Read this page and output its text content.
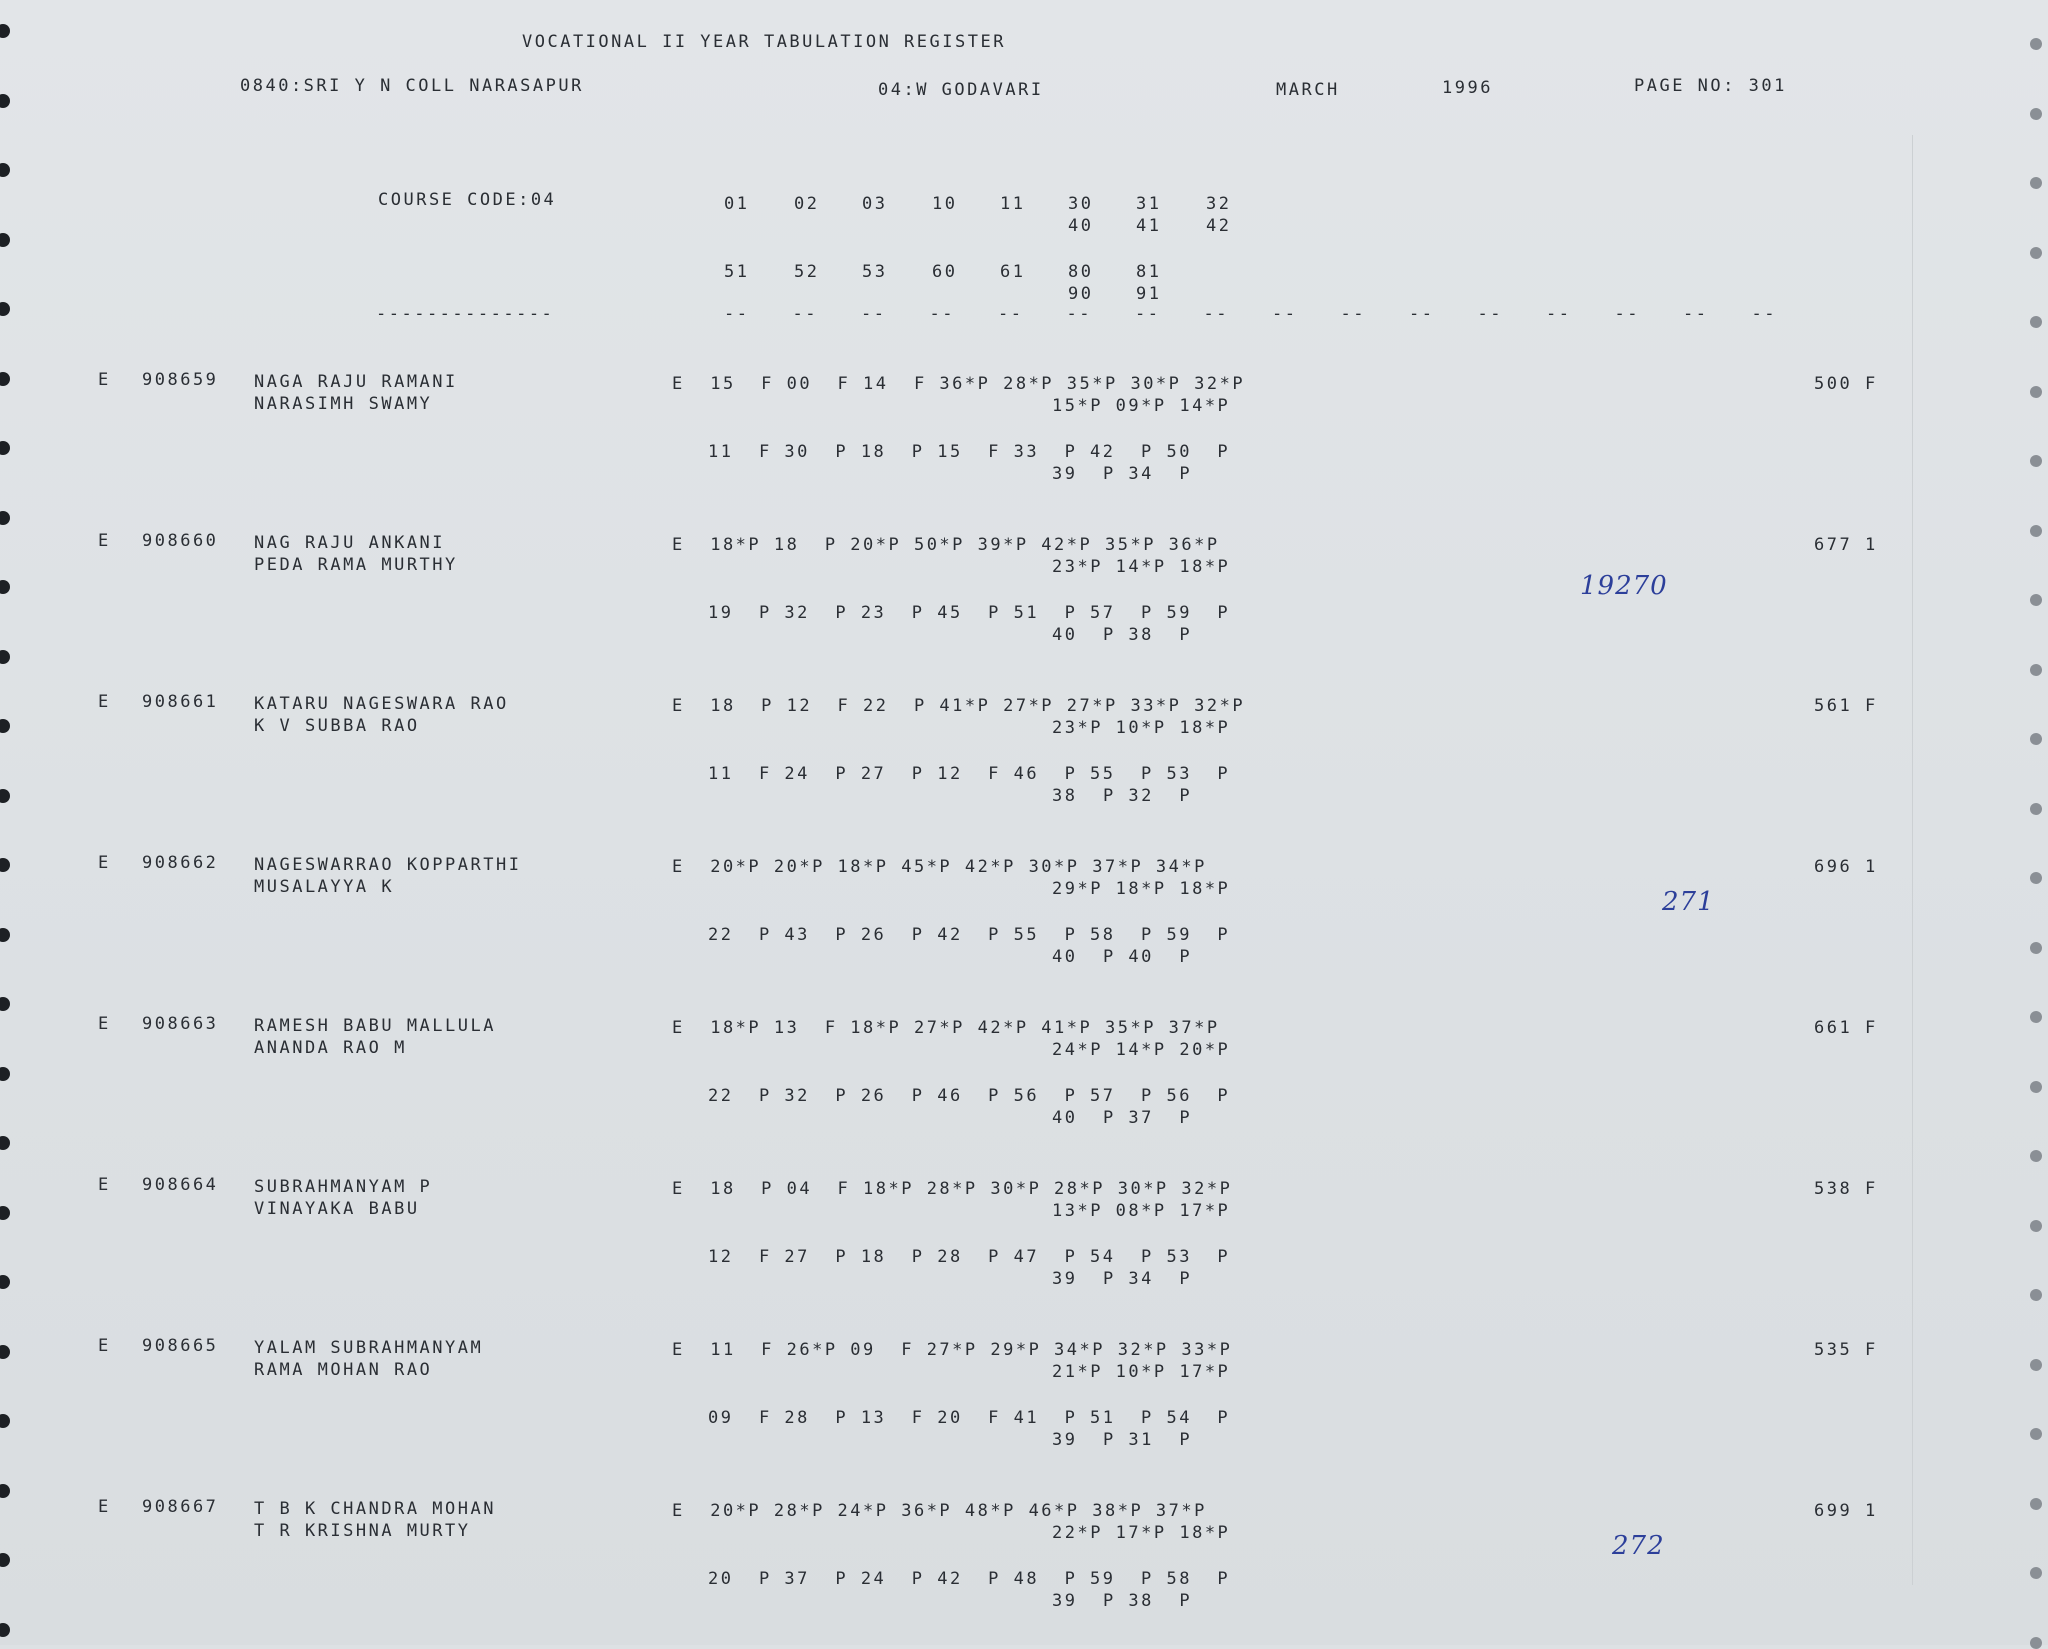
VOCATIONAL II YEAR TABULATION REGISTER
0840:SRI Y N COLL NARASAPUR	04:W GODAVARI	MARCH	1996	PAGE NO: 301
COURSE CODE:04	01	02	03	10	11	30	31	32
40	41	42
51	52	53	60	61	80	81
90	91
--------------	--	--	--	--	--	--	--	--	--	--	--	--	--	--	--	--
E 908659 NAGA RAJU RAMANI
NARASIMH SWAMY
E  15  F 00  F 14  F 36*P 28*P 35*P 30*P 32*P
15*P 09*P 14*P
11  F 30  P 18  P 15  F 33  P 42  P 50  P
39  P 34  P
500 F
E 908660 NAG RAJU ANKANI
PEDA RAMA MURTHY
E  18*P 18  P 20*P 50*P 39*P 42*P 35*P 36*P
23*P 14*P 18*P
19  P 32  P 23  P 45  P 51  P 57  P 59  P
40  P 38  P
677 1
19270
E 908661 KATARU NAGESWARA RAO
K V SUBBA RAO
E  18  P 12  F 22  P 41*P 27*P 27*P 33*P 32*P
23*P 10*P 18*P
11  F 24  P 27  P 12  F 46  P 55  P 53  P
38  P 32  P
561 F
E 908662 NAGESWARRAO KOPPARTHI
MUSALAYYA K
E  20*P 20*P 18*P 45*P 42*P 30*P 37*P 34*P
29*P 18*P 18*P
22  P 43  P 26  P 42  P 55  P 58  P 59  P
40  P 40  P
696 1
271
E 908663 RAMESH BABU MALLULA
ANANDA RAO M
E  18*P 13  F 18*P 27*P 42*P 41*P 35*P 37*P
24*P 14*P 20*P
22  P 32  P 26  P 46  P 56  P 57  P 56  P
40  P 37  P
661 F
E 908664 SUBRAHMANYAM P
VINAYAKA BABU
E  18  P 04  F 18*P 28*P 30*P 28*P 30*P 32*P
13*P 08*P 17*P
12  F 27  P 18  P 28  P 47  P 54  P 53  P
39  P 34  P
538 F
E 908665 YALAM SUBRAHMANYAM
RAMA MOHAN RAO
E  11  F 26*P 09  F 27*P 29*P 34*P 32*P 33*P
21*P 10*P 17*P
09  F 28  P 13  F 20  F 41  P 51  P 54  P
39  P 31  P
535 F
E 908667 T B K CHANDRA MOHAN
T R KRISHNA MURTY
E  20*P 28*P 24*P 36*P 48*P 46*P 38*P 37*P
22*P 17*P 18*P
20  P 37  P 24  P 42  P 48  P 59  P 58  P
39  P 38  P
699 1
272
